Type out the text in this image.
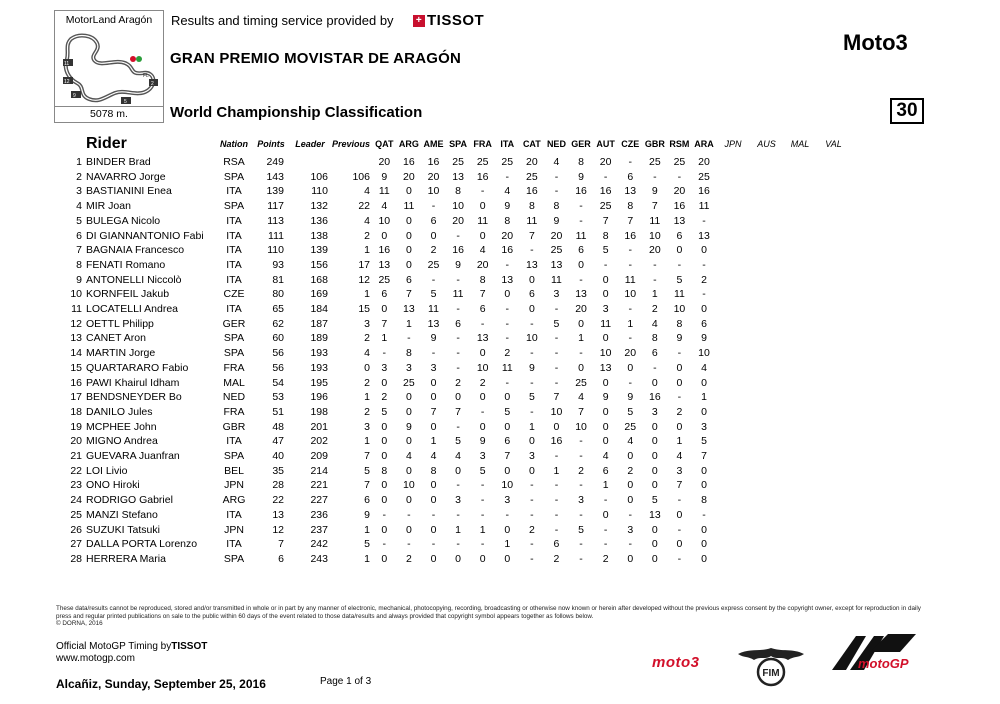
MotorLand Aragón
11
12
9
5
FL
2
5078 m.
Results and timing service provided by + TISSOT
GRAN PREMIO MOVISTAR DE ARAGÓN
World Championship Classification
Moto3
30
Rider		Nation	Points	Leader	Previous	QAT	ARG	AME	SPA	FRA	ITA	CAT	NED	GER	AUT	CZE	GBR	RSM	ARA	JPN	AUS	MAL	VAL
1	BINDER Brad	RSA	249			20	16	16	25	25	25	20	4	8	20	-	25	25	20				
2	NAVARRO Jorge	SPA	143	106	106	9	20	20	13	16	-	25	-	9	-	6	-	-	25				
3	BASTIANINI Enea	ITA	139	110	4	11	0	10	8	-	4	16	-	16	16	13	9	20	16				
4	MIR Joan	SPA	117	132	22	4	11	-	10	0	9	8	8	-	25	8	7	16	11				
5	BULEGA Nicolo	ITA	113	136	4	10	0	6	20	11	8	11	9	-	7	7	11	13	-				
6	DI GIANNANTONIO Fabi	ITA	111	138	2	0	0	0	-	0	20	7	20	11	8	16	10	6	13				
7	BAGNAIA Francesco	ITA	110	139	1	16	0	2	16	4	16	-	25	6	5	-	20	0	0				
8	FENATI Romano	ITA	93	156	17	13	0	25	9	20	-	13	13	0	-	-	-	-	-				
9	ANTONELLI Niccolò	ITA	81	168	12	25	6	-	-	8	13	0	11	-	0	11	-	5	2				
10	KORNFEIL Jakub	CZE	80	169	1	6	7	5	11	7	0	6	3	13	0	10	1	11	-				
11	LOCATELLI Andrea	ITA	65	184	15	0	13	11	-	6	-	0	-	20	3	-	2	10	0				
12	OETTL Philipp	GER	62	187	3	7	1	13	6	-	-	-	5	0	11	1	4	8	6				
13	CANET Aron	SPA	60	189	2	1	-	9	-	13	-	10	-	1	0	-	8	9	9				
14	MARTIN Jorge	SPA	56	193	4	-	8	-	-	0	2	-	-	-	10	20	6	-	10				
15	QUARTARARO Fabio	FRA	56	193	0	3	3	3	-	10	11	9	-	0	13	0	-	0	4				
16	PAWI Khairul Idham	MAL	54	195	2	0	25	0	2	2	-	-	-	25	0	-	0	0	0				
17	BENDSNEYDER Bo	NED	53	196	1	2	0	0	0	0	0	5	7	4	9	9	16	-	1				
18	DANILO Jules	FRA	51	198	2	5	0	7	7	-	5	-	10	7	0	5	3	2	0				
19	MCPHEE John	GBR	48	201	3	0	9	0	-	0	0	1	0	10	0	25	0	0	3				
20	MIGNO Andrea	ITA	47	202	1	0	0	1	5	9	6	0	16	-	0	4	0	1	5				
21	GUEVARA Juanfran	SPA	40	209	7	0	4	4	4	3	7	3	-	-	4	0	0	4	7				
22	LOI Livio	BEL	35	214	5	8	0	8	0	5	0	0	1	2	6	2	0	3	0				
23	ONO Hiroki	JPN	28	221	7	0	10	0	-	-	10	-	-	-	1	0	0	7	0				
24	RODRIGO Gabriel	ARG	22	227	6	0	0	0	3	-	3	-	-	3	-	0	5	-	8				
25	MANZI Stefano	ITA	13	236	9	-	-	-	-	-	-	-	-	-	0	-	13	0	-				
26	SUZUKI Tatsuki	JPN	12	237	1	0	0	0	1	1	0	2	-	5	-	3	0	-	0				
27	DALLA PORTA Lorenzo	ITA	7	242	5	-	-	-	-	-	1	-	6	-	-	-	0	0	0				
28	HERRERA Maria	SPA	6	243	1	0	2	0	0	0	0	-	2	-	2	0	0	-	0				
These data/results cannot be reproduced, stored and/or transmitted in whole or in part by any manner of electronic, mechanical, photocopying, recording, broadcasting or otherwise now known or herein after developed without the previous express consent by the copyright owner, except for reproduction in daily press and regular printed publications on sale to the public within 60 days of the event related to those data/results and always provided that copyright symbol appears together as follows below.
© DORNA, 2016
Official MotoGP Timing byTISSOT
www.motogp.com
Alcañiz, Sunday, September 25, 2016	Page 1 of 3
moto3
FIM
motoGP
